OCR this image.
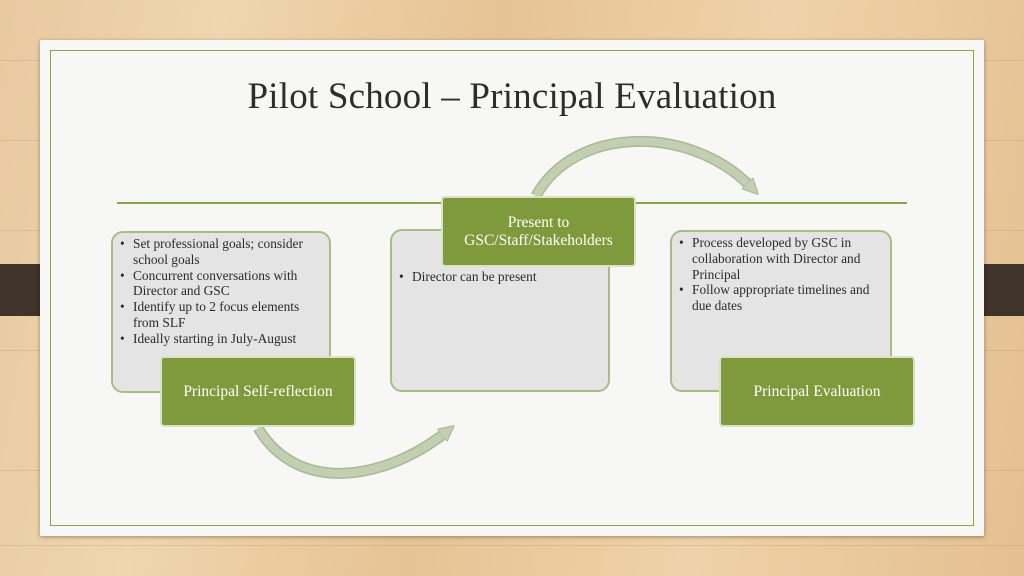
Pilot School – Principal Evaluation
• Set professional goals; consider school goals
• Concurrent conversations with Director and GSC
• Identify up to 2 focus elements from SLF
• Ideally starting in July-August
Principal Self-reflection
• Director can be present
Present to GSC/Staff/Stakeholders
•	Process developed by GSC in collaboration with Director and Principal
• Follow appropriate timelines and due dates
Principal Evaluation
